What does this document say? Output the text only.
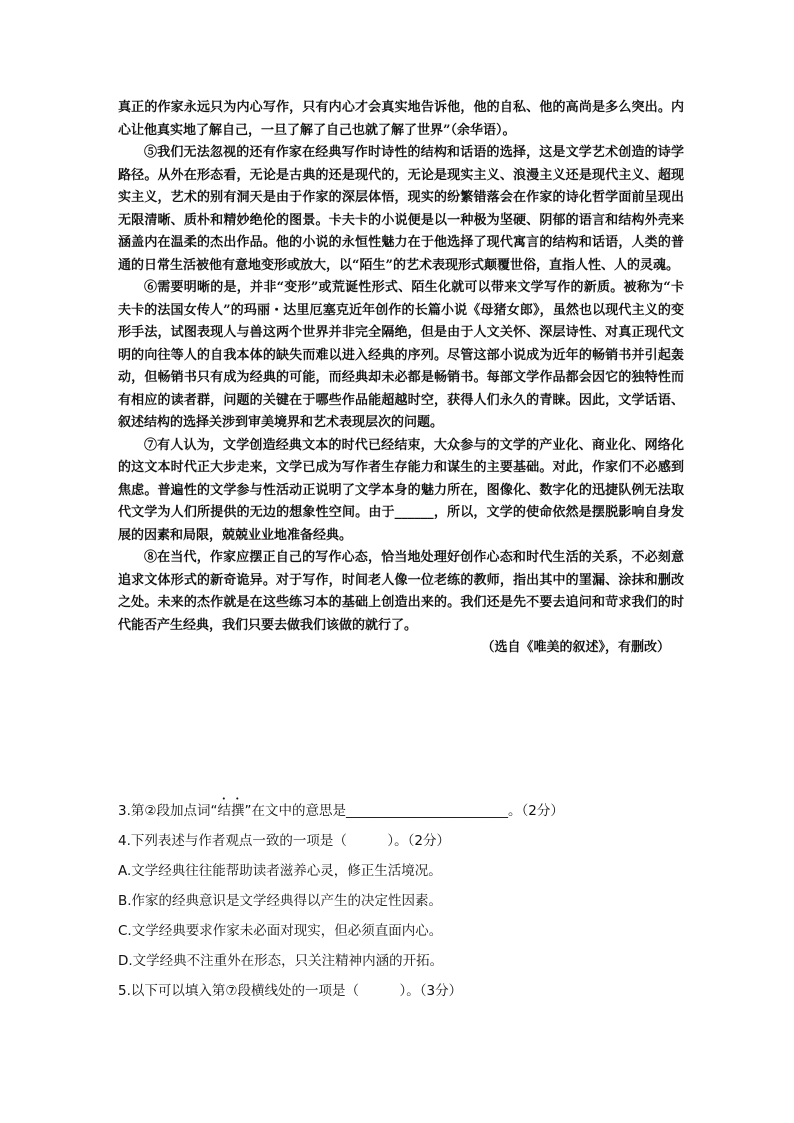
真正的作家永远只为内心写作，只有内心才会真实地告诉他，他的自私、他的高尚是多么突出。内心让他真实地了解自己，一旦了解了自己也就了解了世界”（余华语）。

⑤我们无法忽视的还有作家在经典写作时诗性的结构和话语的选择，这是文学艺术创造的诗学路径。从外在形态看，无论是古典的还是现代的，无论是现实主义、浪漫主义还是现代主义、超现实主义，艺术的别有洞天是由于作家的深层体悟，现实的纷繁错落会在作家的诗化哲学面前呈现出无限清晰、质朴和精妙绝伦的图景。卡夫卡的小说便是以一种极为坚硬、阴郁的语言和结构外壳来涵盖内在温柔的杰出作品。他的小说的永恒性魅力在于他选择了现代寓言的结构和话语，人类的普通的日常生活被他有意地变形或放大，以“陌生”的艺术表现形式颠覆世俗，直指人性、人的灵魂。

⑥需要明晰的是，并非“变形”或荒诞性形式、陌生化就可以带来文学写作的新质。被称为“卡夫卡的法国女传人”的玛丽・达里厄塞克近年创作的长篇小说《母猪女郎》，虽然也以现代主义的变形手法，试图表现人与兽这两个世界并非完全隔绝，但是由于人文关怀、深层诗性、对真正现代文明的向往等人的自我本体的缺失而难以进入经典的序列。尽管这部小说成为近年的畅销书并引起轰动，但畅销书只有成为经典的可能，而经典却未必都是畅销书。每部文学作品都会因它的独特性而有相应的读者群，问题的关键在于哪些作品能超越时空，获得人们永久的青睐。因此，文学话语、叙述结构的选择关涉到审美境界和艺术表现层次的问题。

⑦有人认为，文学创造经典文本的时代已经结束，大众参与的文学的产业化、商业化、网络化的这文本时代正大步走来，文学已成为写作者生存能力和谋生的主要基础。对此，作家们不必感到焦虑。普遍性的文学参与性活动正说明了文学本身的魅力所在，图像化、数字化的迅捷队例无法取代文学为人们所提供的无边的想象性空间。由于______，所以，文学的使命依然是摆脱影响自身发展的因素和局限，兢兢业业地准备经典。

⑧在当代，作家应摆正自己的写作心态，恰当地处理好创作心态和时代生活的关系，不必刻意追求文体形式的新奇诡异。对于写作，时间老人像一位老练的教师，指出其中的罣漏、涂抹和删改之处。未来的杰作就是在这些练习本的基础上创造出来的。我们还是先不要去追问和苛求我们的时代能否产生经典，我们只要去做我们该做的就行了。

（选自《唯美的叙述》，有删改）
3.第②段加点词“结撰”在文中的意思是________________________。（2分）
4.下列表述与作者观点一致的一项是（　　　）。（2分）
A.文学经典往往能帮助读者滋养心灵，修正生活境况。
B.作家的经典意识是文学经典得以产生的决定性因素。
C.文学经典要求作家未必面对现实，但必须直面内心。
D.文学经典不注重外在形态，只关注精神内涵的开拓。
5.以下可以填入第⑦段横线处的一项是（　　　）。（3分）
